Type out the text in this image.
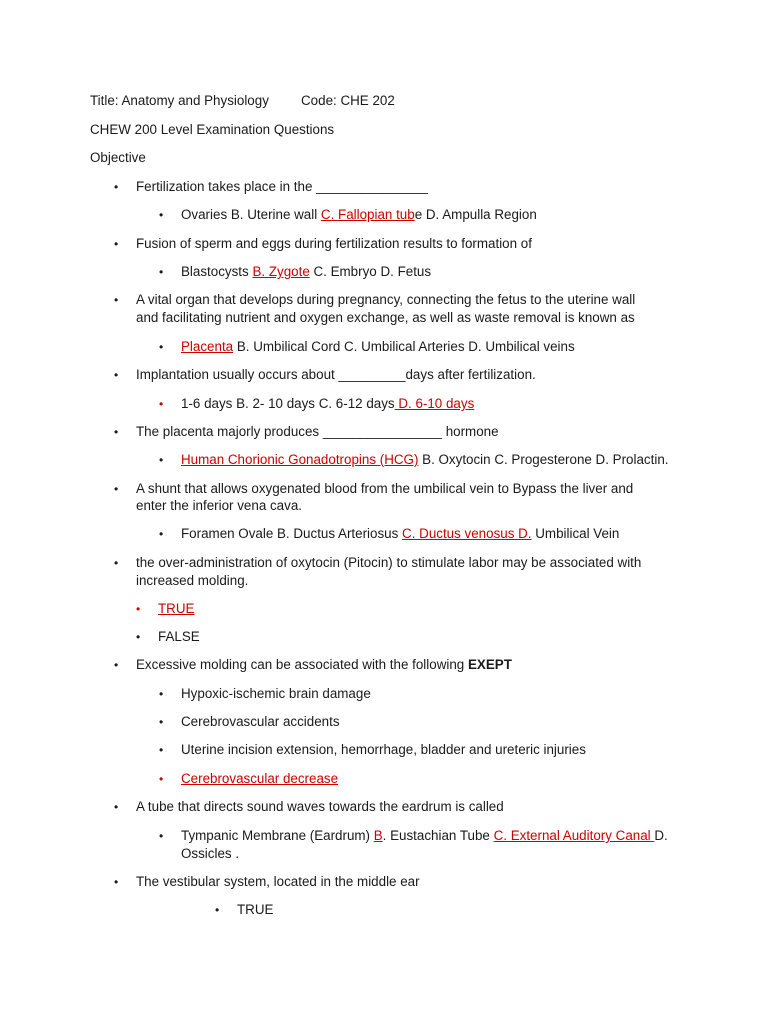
Title: Anatomy and Physiology Code: CHE 202
CHEW 200 Level Examination Questions
Objective
• Fertilization takes place in the _______________
• Ovaries B. Uterine wall C. Fallopian tube D. Ampulla Region
• Fusion of sperm and eggs during fertilization results to formation of
• Blastocysts B. Zygote C. Embryo D. Fetus
• A vital organ that develops during pregnancy, connecting the fetus to the uterine wall
and facilitating nutrient and oxygen exchange, as well as waste removal is known as
• Placenta B. Umbilical Cord C. Umbilical Arteries D. Umbilical veins
• Implantation usually occurs about _________days after fertilization.
• 1-6 days B. 2- 10 days C. 6-12 days D. 6-10 days
• The placenta majorly produces ________________ hormone
• Human Chorionic Gonadotropins (HCG) B. Oxytocin C. Progesterone D. Prolactin.
• A shunt that allows oxygenated blood from the umbilical vein to Bypass the liver and
enter the inferior vena cava.
• Foramen Ovale B. Ductus Arteriosus C. Ductus venosus D. Umbilical Vein
• the over-administration of oxytocin (Pitocin) to stimulate labor may be associated with
increased molding.
• TRUE
• FALSE
• Excessive molding can be associated with the following EXEPT
• Hypoxic-ischemic brain damage
• Cerebrovascular accidents
• Uterine incision extension, hemorrhage, bladder and ureteric injuries
• Cerebrovascular decrease
• A tube that directs sound waves towards the eardrum is called
• Tympanic Membrane (Eardrum) B. Eustachian Tube C. External Auditory Canal D.
Ossicles .
• The vestibular system, located in the middle ear
• TRUE
